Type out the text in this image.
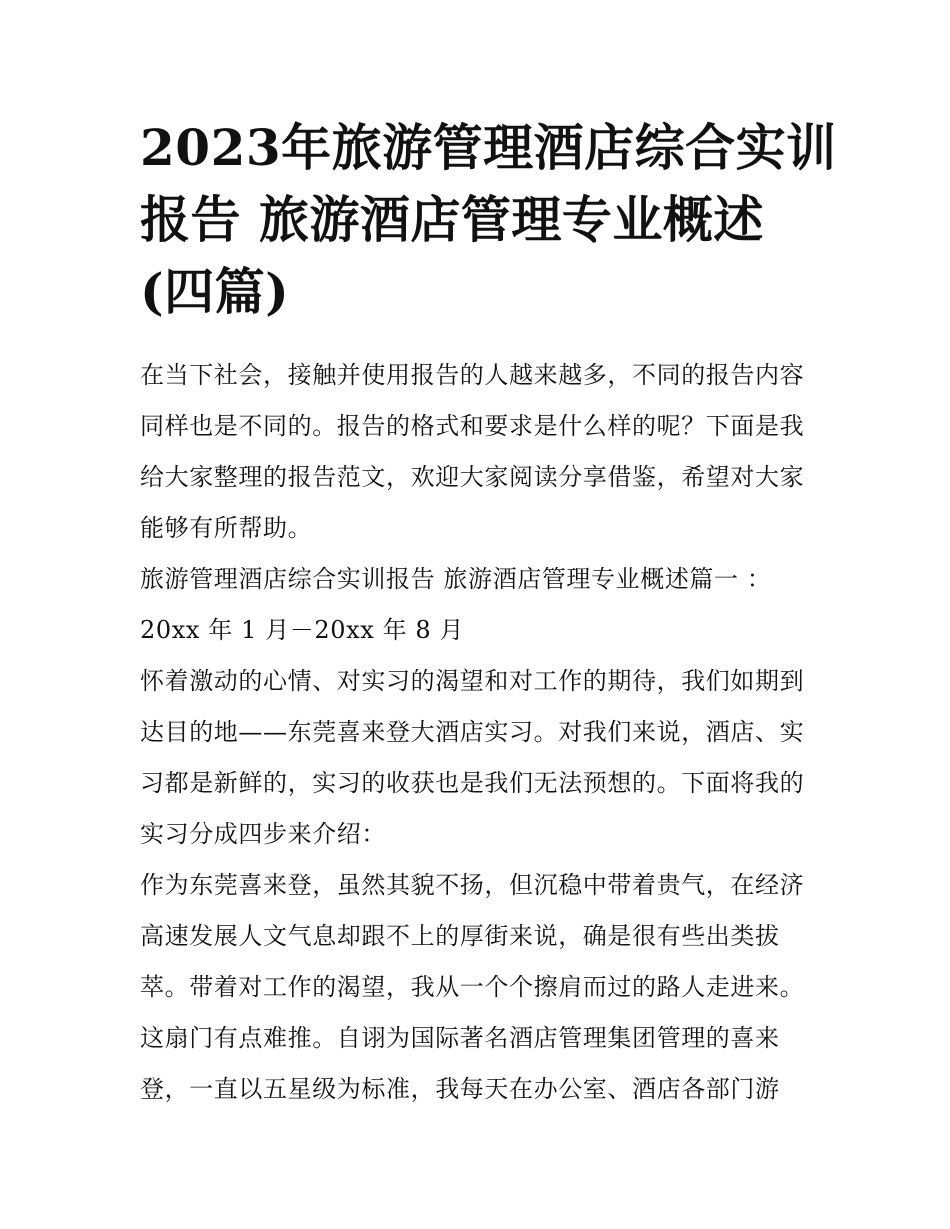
2023年旅游管理酒店综合实训
报告 旅游酒店管理专业概述
(四篇)
在当下社会，接触并使用报告的人越来越多，不同的报告内容
同样也是不同的。报告的格式和要求是什么样的呢？下面是我
给大家整理的报告范文，欢迎大家阅读分享借鉴，希望对大家
能够有所帮助。
旅游管理酒店综合实训报告 旅游酒店管理专业概述篇一 ：
20xx 年 1 月－20xx 年 8 月
怀着激动的心情、对实习的渴望和对工作的期待，我们如期到
达目的地——东莞喜来登大酒店实习。对我们来说，酒店、实
习都是新鲜的，实习的收获也是我们无法预想的。下面将我的
实习分成四步来介绍：
作为东莞喜来登，虽然其貌不扬，但沉稳中带着贵气，在经济
高速发展人文气息却跟不上的厚街来说，确是很有些出类拔
萃。带着对工作的渴望，我从一个个擦肩而过的路人走进来。
这扇门有点难推。自诩为国际著名酒店管理集团管理的喜来
登，一直以五星级为标准，我每天在办公室、酒店各部门游
